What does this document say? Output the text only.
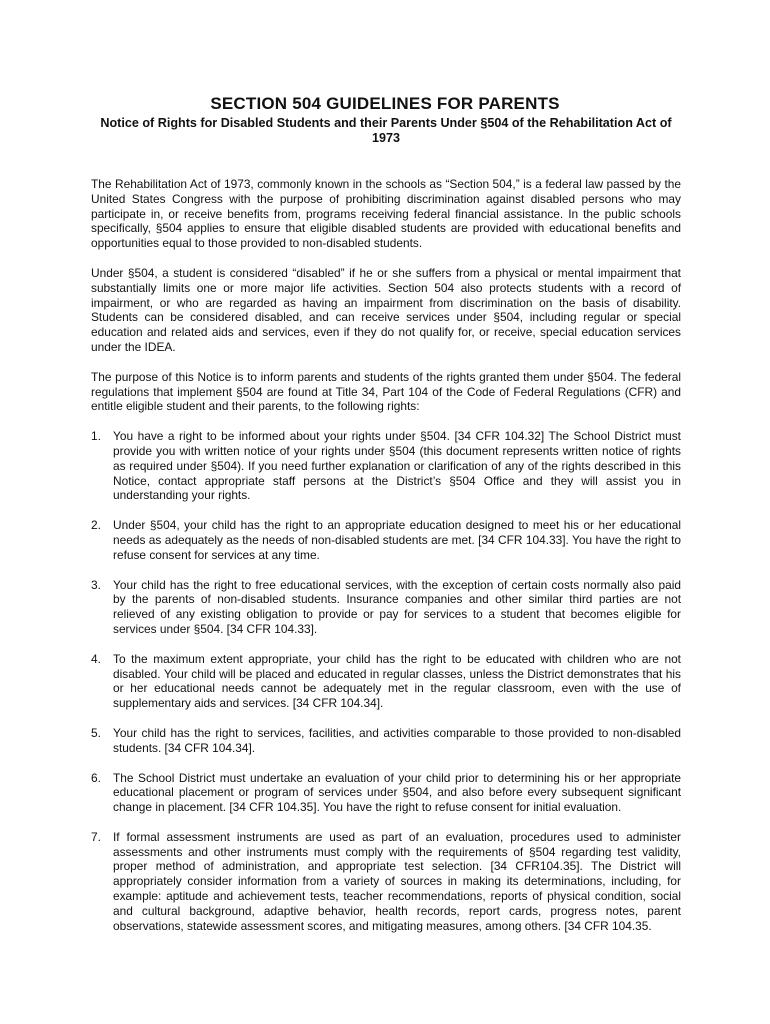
SECTION 504 GUIDELINES FOR PARENTS
Notice of Rights for Disabled Students and their Parents Under §504 of the Rehabilitation Act of 1973

The Rehabilitation Act of 1973, commonly known in the schools as “Section 504,” is a federal law passed by the United States Congress with the purpose of prohibiting discrimination against disabled persons who may participate in, or receive benefits from, programs receiving federal financial assistance. In the public schools specifically, §504 applies to ensure that eligible disabled students are provided with educational benefits and opportunities equal to those provided to non-disabled students.

Under §504, a student is considered “disabled” if he or she suffers from a physical or mental impairment that substantially limits one or more major life activities. Section 504 also protects students with a record of impairment, or who are regarded as having an impairment from discrimination on the basis of disability. Students can be considered disabled, and can receive services under §504, including regular or special education and related aids and services, even if they do not qualify for, or receive, special education services under the IDEA.

The purpose of this Notice is to inform parents and students of the rights granted them under §504. The federal regulations that implement §504 are found at Title 34, Part 104 of the Code of Federal Regulations (CFR) and entitle eligible student and their parents, to the following rights:

1. You have a right to be informed about your rights under §504. [34 CFR 104.32] The School District must provide you with written notice of your rights under §504 (this document represents written notice of rights as required under §504). If you need further explanation or clarification of any of the rights described in this Notice, contact appropriate staff persons at the District’s §504 Office and they will assist you in understanding your rights.
2. Under §504, your child has the right to an appropriate education designed to meet his or her educational needs as adequately as the needs of non-disabled students are met. [34 CFR 104.33]. You have the right to refuse consent for services at any time.
3. Your child has the right to free educational services, with the exception of certain costs normally also paid by the parents of non-disabled students. Insurance companies and other similar third parties are not relieved of any existing obligation to provide or pay for services to a student that becomes eligible for services under §504. [34 CFR 104.33].
4. To the maximum extent appropriate, your child has the right to be educated with children who are not disabled. Your child will be placed and educated in regular classes, unless the District demonstrates that his or her educational needs cannot be adequately met in the regular classroom, even with the use of supplementary aids and services. [34 CFR 104.34].
5. Your child has the right to services, facilities, and activities comparable to those provided to non-disabled students. [34 CFR 104.34].
6. The School District must undertake an evaluation of your child prior to determining his or her appropriate educational placement or program of services under §504, and also before every subsequent significant change in placement. [34 CFR 104.35]. You have the right to refuse consent for initial evaluation.
7. If formal assessment instruments are used as part of an evaluation, procedures used to administer assessments and other instruments must comply with the requirements of §504 regarding test validity, proper method of administration, and appropriate test selection. [34 CFR104.35]. The District will appropriately consider information from a variety of sources in making its determinations, including, for example: aptitude and achievement tests, teacher recommendations, reports of physical condition, social and cultural background, adaptive behavior, health records, report cards, progress notes, parent observations, statewide assessment scores, and mitigating measures, among others. [34 CFR 104.35.
